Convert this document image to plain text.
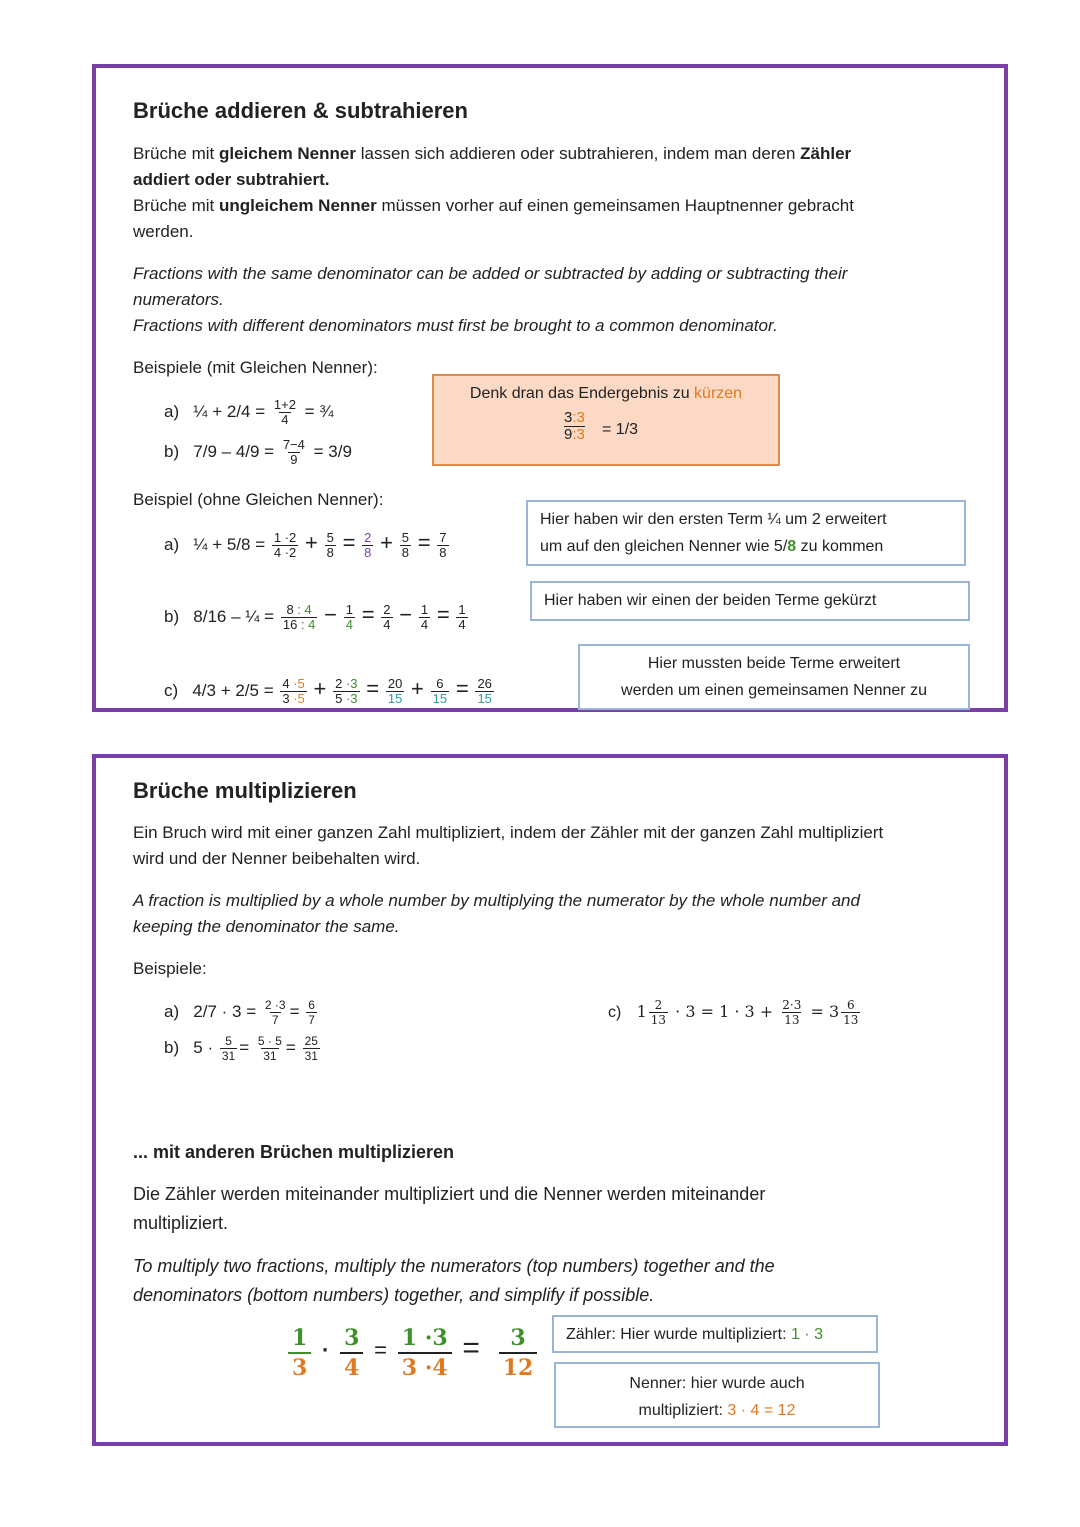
Brüche addieren & subtrahieren
Brüche mit gleichem Nenner lassen sich addieren oder subtrahieren, indem man deren Zähler
addiert oder subtrahiert.
Brüche mit ungleichem Nenner müssen vorher auf einen gemeinsamen Hauptnenner gebracht
werden.
Fractions with the same denominator can be added or subtracted by adding or subtracting their
numerators.
Fractions with different denominators must first be brought to a common denominator.
Beispiele (mit Gleichen Nenner):
a) ¼ + $2/4 = \frac{1+2}{4}$ = ¾
b) $7/9 - 4/9 = \frac{7-4}{9} = 3/9$
Denk dran das Endergebnis zu kürzen
3:3
9:3 = 1/3
Beispiel (ohne Gleichen Nenner):
a) ¼ + $5/8 = \frac{1 \cdot 2}{4 \cdot 2} + \frac{5}{8} = \frac{2}{8} + \frac{5}{8} = \frac{7}{8}$
Hier haben wir den ersten Term ¼ um 2 erweitert
um auf den gleichen Nenner wie 5/8 zu kommen
b) 8/16 – ¼ = $\frac{8 : 4}{16 : 4} - \frac{1}{4} = \frac{2}{4} - \frac{1}{4} = \frac{1}{4}$
Hier haben wir einen der beiden Terme gekürzt
c) $4/3 + 2/5 = \frac{4 \cdot 5}{3 \cdot 5} + \frac{2 \cdot 3}{5 \cdot 3} = \frac{20}{15} + \frac{6}{15} = \frac{26}{15}$
Hier mussten beide Terme erweitert
werden um einen gemeinsamen Nenner zu
Brüche multiplizieren
Ein Bruch wird mit einer ganzen Zahl multipliziert, indem der Zähler mit der ganzen Zahl multipliziert
wird und der Nenner beibehalten wird.
A fraction is multiplied by a whole number by multiplying the numerator by the whole number and
keeping the denominator the same.
Beispiele:
a) $2/7 \cdot 3 = \frac{2 \cdot 3}{7} = \frac{6}{7}$
b) $5 \cdot \frac{5}{31} = \frac{5 \cdot 5}{31} = \frac{25}{31}$
c) $1 \frac{2}{13} \cdot 3 = 1 \cdot 3 + \frac{2\cdot 3}{13} = 3 \frac{6}{13}$
... mit anderen Brüchen multiplizieren
Die Zähler werden miteinander multipliziert und die Nenner werden miteinander
multipliziert.
To multiply two fractions, multiply the numerators (top numbers) together and the
denominators (bottom numbers) together, and simplify if possible.
$\frac{1}{3} \cdot \frac{3}{4} = \frac{1 \cdot 3}{3 \cdot 4} = \frac{3}{12}$	Zähler: Hier wurde multipliziert: 1 · 3
Nenner: hier wurde auch
multipliziert: 3 · 4 = 12
